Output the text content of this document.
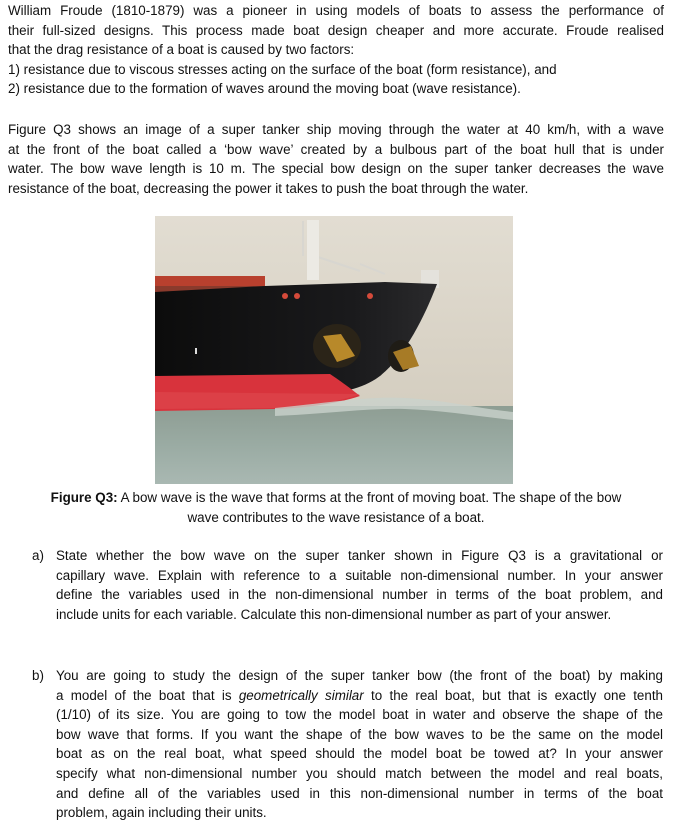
William Froude (1810-1879) was a pioneer in using models of boats to assess the performance of
their full-sized designs. This process made boat design cheaper and more accurate. Froude realised
that the drag resistance of a boat is caused by two factors:
1) resistance due to viscous stresses acting on the surface of the boat (form resistance), and
2) resistance due to the formation of waves around the moving boat (wave resistance).
Figure Q3 shows an image of a super tanker ship moving through the water at 40 km/h, with a wave
at the front of the boat called a ‘bow wave’ created by a bulbous part of the boat hull that is under
water. The bow wave length is 10 m. The special bow design on the super tanker decreases the wave
resistance of the boat, decreasing the power it takes to push the boat through the water.
Figure Q3: A bow wave is the wave that forms at the front of moving boat. The shape of the bow
wave contributes to the wave resistance of a boat.
a) State whether the bow wave on the super tanker shown in Figure Q3 is a gravitational or
capillary wave. Explain with reference to a suitable non-dimensional number. In your answer
define the variables used in the non-dimensional number in terms of the boat problem, and
include units for each variable. Calculate this non-dimensional number as part of your answer.
b) You are going to study the design of the super tanker bow (the front of the boat) by making
a model of the boat that is geometrically similar to the real boat, but that is exactly one tenth
(1/10) of its size. You are going to tow the model boat in water and observe the shape of the
bow wave that forms. If you want the shape of the bow waves to be the same on the model
boat as on the real boat, what speed should the model boat be towed at? In your answer
specify what non-dimensional number you should match between the model and real boats,
and define all of the variables used in this non-dimensional number in terms of the boat
problem, again including their units.
